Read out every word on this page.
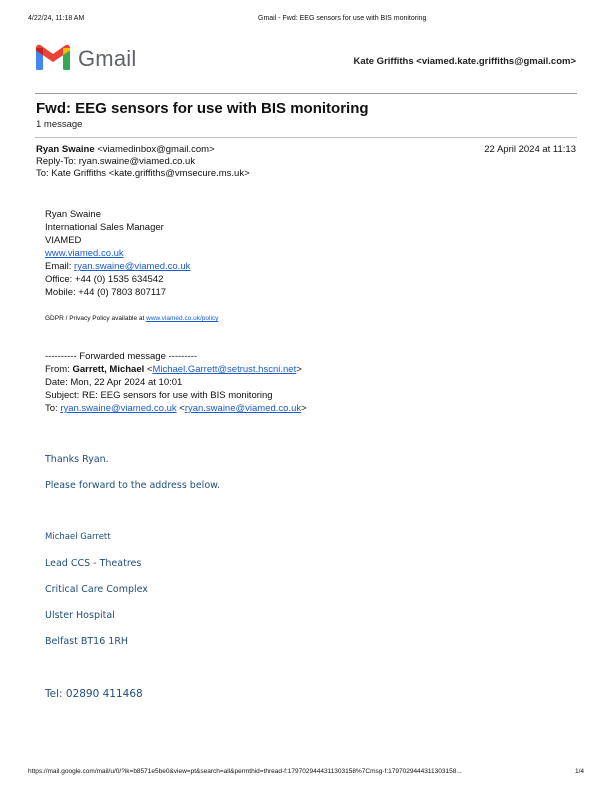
4/22/24, 11:18 AM	Gmail - Fwd: EEG sensors for use with BIS monitoring
Gmail	Kate Griffiths <viamed.kate.griffiths@gmail.com>
Fwd: EEG sensors for use with BIS monitoring
1 message
Ryan Swaine <viamedinbox@gmail.com>	22 April 2024 at 11:13
Reply-To: ryan.swaine@viamed.co.uk
To: Kate Griffiths <kate.griffiths@vmsecure.ms.uk>
Ryan Swaine
International Sales Manager
VIAMED
www.viamed.co.uk
Email: ryan.swaine@viamed.co.uk
Office: +44 (0) 1535 634542
Mobile: +44 (0) 7803 807117
GDPR / Privacy Policy available at www.viamed.co.uk/policy
---------- Forwarded message ---------
From: Garrett, Michael <Michael.Garrett@setrust.hscni.net>
Date: Mon, 22 Apr 2024 at 10:01
Subject: RE: EEG sensors for use with BIS monitoring
To: ryan.swaine@viamed.co.uk <ryan.swaine@viamed.co.uk>
Thanks Ryan.
Please forward to the address below.
Michael Garrett
Lead CCS - Theatres
Critical Care Complex
Ulster Hospital
Belfast BT16 1RH
Tel: 02890 411468
https://mail.google.com/mail/u/0/?ik=b8571e5be0&view=pt&search=all&permthid=thread-f:1797029444311303158%7Cmsg-f:1797029444311303158...	1/4
